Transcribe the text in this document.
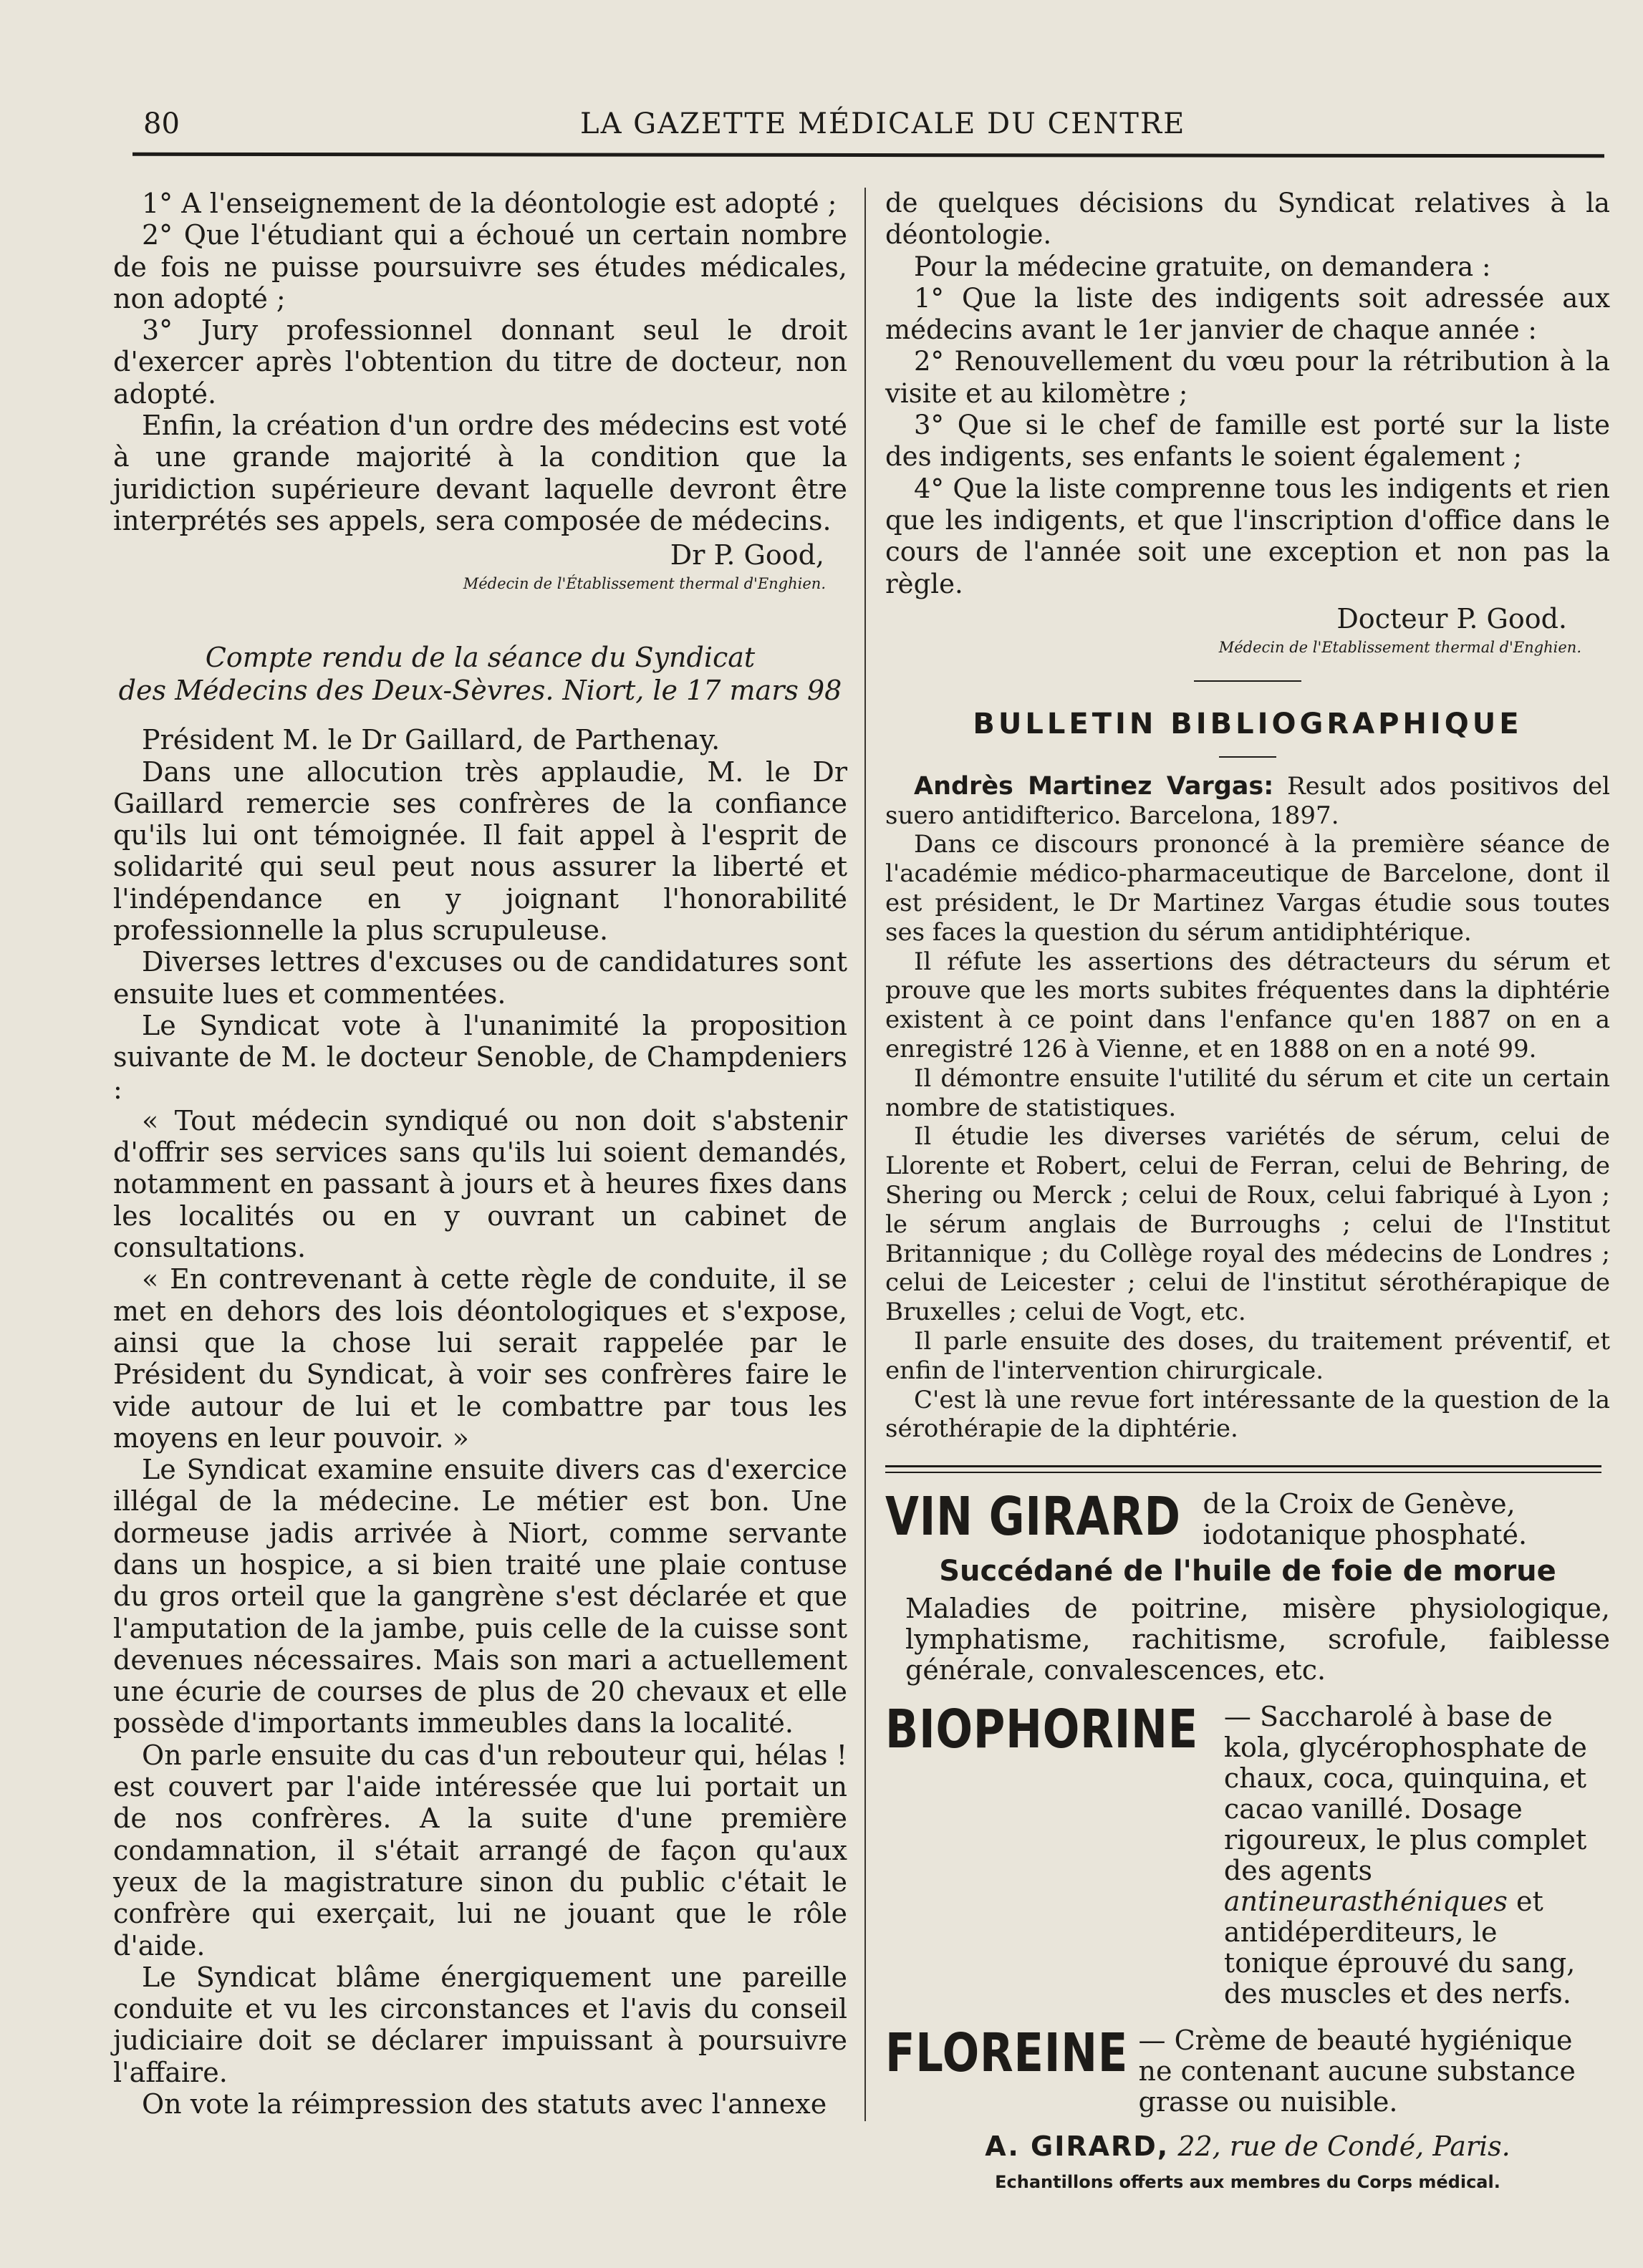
80	LA GAZETTE MÉDICALE DU CENTRE

1° A l'enseignement de la déontologie est adopté ;

2° Que l'étudiant qui a échoué un certain nombre de fois ne puisse poursuivre ses études médicales, non adopté ;

3° Jury professionnel donnant seul le droit d'exercer après l'obtention du titre de docteur, non adopté.

Enfin, la création d'un ordre des médecins est voté à une grande majorité à la condition que la juridiction supérieure devant laquelle devront être interprétés ses appels, sera composée de médecins.

Dr P. Good,
Médecin de l'Établissement thermal d'Enghien.
Compte rendu de la séance du Syndicat
des Médecins des Deux-Sèvres. Niort, le 17 mars 98

Président M. le Dr Gaillard, de Parthenay.

Dans une allocution très applaudie, M. le Dr Gaillard remercie ses confrères de la confiance qu'ils lui ont témoignée. Il fait appel à l'esprit de solidarité qui seul peut nous assurer la liberté et l'indépendance en y joignant l'honorabilité professionnelle la plus scrupuleuse.

Diverses lettres d'excuses ou de candidatures sont ensuite lues et commentées.

Le Syndicat vote à l'unanimité la proposition suivante de M. le docteur Senoble, de Champdeniers :

« Tout médecin syndiqué ou non doit s'abstenir d'offrir ses services sans qu'ils lui soient demandés, notamment en passant à jours et à heures fixes dans les localités ou en y ouvrant un cabinet de consultations.

« En contrevenant à cette règle de conduite, il se met en dehors des lois déontologiques et s'expose, ainsi que la chose lui serait rappelée par le Président du Syndicat, à voir ses confrères faire le vide autour de lui et le combattre par tous les moyens en leur pouvoir. »

Le Syndicat examine ensuite divers cas d'exercice illégal de la médecine. Le métier est bon. Une dormeuse jadis arrivée à Niort, comme servante dans un hospice, a si bien traité une plaie contuse du gros orteil que la gangrène s'est déclarée et que l'amputation de la jambe, puis celle de la cuisse sont devenues nécessaires. Mais son mari a actuellement une écurie de courses de plus de 20 chevaux et elle possède d'importants immeubles dans la localité.

On parle ensuite du cas d'un rebouteur qui, hélas ! est couvert par l'aide intéressée que lui portait un de nos confrères. A la suite d'une première condamnation, il s'était arrangé de façon qu'aux yeux de la magistrature sinon du public c'était le confrère qui exerçait, lui ne jouant que le rôle d'aide.

Le Syndicat blâme énergiquement une pareille conduite et vu les circonstances et l'avis du conseil judiciaire doit se déclarer impuissant à poursuivre l'affaire.

On vote la réimpression des statuts avec l'annexe

de quelques décisions du Syndicat relatives à la déontologie.

Pour la médecine gratuite, on demandera :

1° Que la liste des indigents soit adressée aux médecins avant le 1er janvier de chaque année :

2° Renouvellement du vœu pour la rétribution à la visite et au kilomètre ;

3° Que si le chef de famille est porté sur la liste des indigents, ses enfants le soient également ;

4° Que la liste comprenne tous les indigents et rien que les indigents, et que l'inscription d'office dans le cours de l'année soit une exception et non pas la règle.

Docteur P. Good.
Médecin de l'Etablissement thermal d'Enghien.
BULLETIN BIBLIOGRAPHIQUE

Andrès Martinez Vargas: Result ados positivos del suero antidifterico. Barcelona, 1897.

Dans ce discours prononcé à la première séance de l'académie médico-pharmaceutique de Barcelone, dont il est président, le Dr Martinez Vargas étudie sous toutes ses faces la question du sérum antidiphtérique.

Il réfute les assertions des détracteurs du sérum et prouve que les morts subites fréquentes dans la diphtérie existent à ce point dans l'enfance qu'en 1887 on en a enregistré 126 à Vienne, et en 1888 on en a noté 99.

Il démontre ensuite l'utilité du sérum et cite un certain nombre de statistiques.

Il étudie les diverses variétés de sérum, celui de Llorente et Robert, celui de Ferran, celui de Behring, de Shering ou Merck ; celui de Roux, celui fabriqué à Lyon ; le sérum anglais de Burroughs ; celui de l'Institut Britannique ; du Collège royal des médecins de Londres ; celui de Leicester ; celui de l'institut sérothérapique de Bruxelles ; celui de Vogt, etc.

Il parle ensuite des doses, du traitement préventif, et enfin de l'intervention chirurgicale.

C'est là une revue fort intéressante de la question de la sérothérapie de la diphtérie.

VIN GIRARD de la Croix de Genève, iodotanique phosphaté.
Succédané de l'huile de foie de morue
Maladies de poitrine, misère physiologique, lymphatisme, rachitisme, scrofule, faiblesse générale, convalescences, etc.
BIOPHORINE — Saccharolé à base de kola, glycérophosphate de chaux, coca, quinquina, et cacao vanillé. Dosage rigoureux, le plus complet des agents antineurasthéniques et antidéperditeurs, le tonique éprouvé du sang, des muscles et des nerfs.
FLOREINE — Crème de beauté hygiénique ne contenant aucune substance grasse ou nuisible.
A. GIRARD, 22, rue de Condé, Paris.
Echantillons offerts aux membres du Corps médical.
